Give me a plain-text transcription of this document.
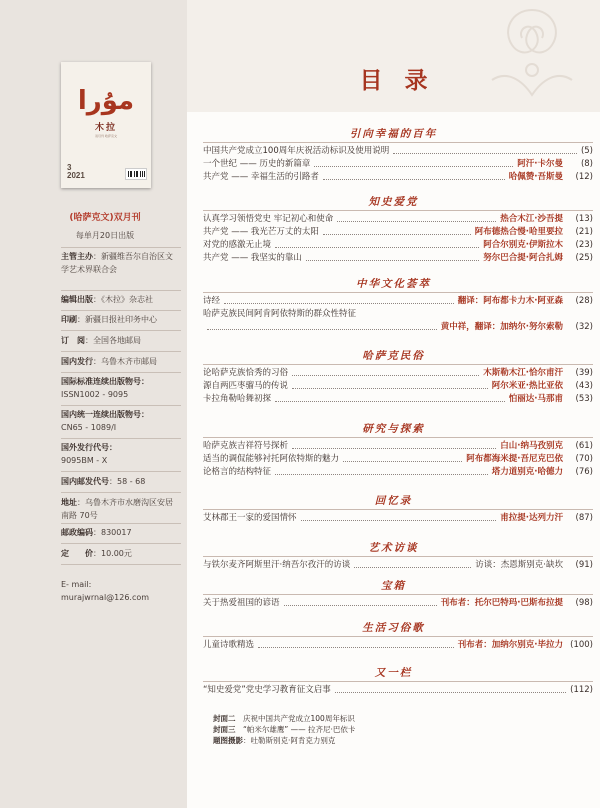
مۇرا
木拉
双月刊 哈萨克文
3
2021
(哈萨克文)双月刊
每单月20日出版
主管主办：新疆维吾尔自治区文学艺术界联合会
编辑出版：《木拉》杂志社
印刷：新疆日报社印务中心
订　阅：全国各地邮局
国内发行：乌鲁木齐市邮局
国际标准连续出版物号：
ISSN1002 - 9095
国内统一连续出版物号：
CN65 - 1089/I
国外发行代号：
9095BM - X
国内邮发代号：58 - 68
地址：乌鲁木齐市水磨沟区安居南路 70号
邮政编码：830017
定　　价：10.00元
E- mail: murajwrnal@126.com
目录
引向幸福的百年
中国共产党成立100周年庆祝活动标识及使用说明	(5)
一个世纪 —— 历史的新篇章	阿汗·卡尔曼 (8)
共产党 —— 幸福生活的引路者	哈佩赞·吾斯曼 (12)
知史爱党
认真学习领悟党史 牢记初心和使命	热合木江·沙吾提 (13)
共产党 —— 我光芒万丈的太阳	阿布德热合慢·哈里要拉 (21)
对党的感激无止境	阿合尔别克·伊斯拉木 (23)
共产党 —— 我坚实的靠山	努尔巴合提·阿合扎姆 (25)
中华文化荟萃
诗经	翻译：阿布都卡力木·阿亚森 (28)
哈萨克族民间阿肯阿依特斯的群众性特征
黄中祥，翻译：加纳尔·努尔索勒 (32)
哈萨克民俗
论哈萨克族恰秀的习俗	木斯勒木江·恰尔甫汗 (39)
源自两匹枣骝马的传说	阿尔米亚·热比亚依 (43)
卡拉角勒哈舞初探	怕丽达·马那甫 (53)
研究与探索
哈萨克族吉祥符号探析	白山·纳马孜别克 (61)
适当的调侃能够衬托阿依特斯的魅力	阿布都海米提·吾尼克巴依 (70)
论格言的结构特征	塔力道别克·哈德力 (76)
回忆录
艾林郡王一家的爱国情怀	甫拉提·达列力汗 (87)
艺术访谈
与铁尔麦齐阿斯里汗·纳吾尔孜汗的访谈	访谈：杰恩斯别克·缺坎 (91)
宝箱
关于热爱祖国的谚语	刊布者：托尔巴特玛·巴斯布拉提 (98)
生活习俗歌
儿童诗歌精选	刊布者：加纳尔别克·毕拉力 (100)
又一栏
“知史爱党”党史学习教育征文启事	(112)
封面二　 庆祝中国共产党成立100周年标识
封面三　 “帕米尔雄鹰” —— 拉齐尼·巴依卡
题图摄影：吐勒斯别克·阿肯克力别克
